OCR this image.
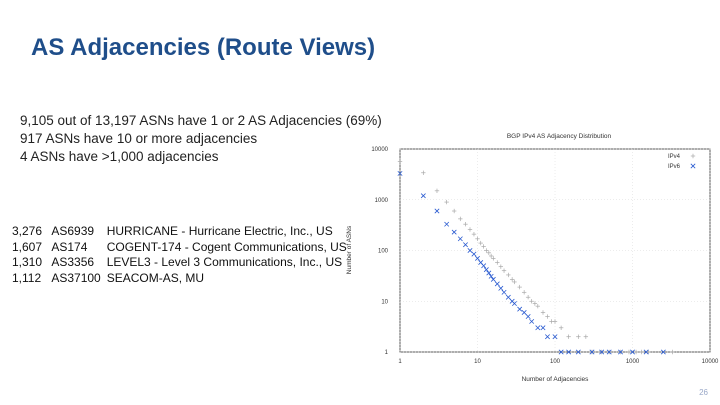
AS Adjacencies (Route Views)
9,105 out of 13,197 ASNs have 1 or 2 AS Adjacencies (69%)
917 ASNs have 10 or more adjacencies
4 ASNs have >1,000 adjacencies
3,276 AS6939 HURRICANE - Hurricane Electric, Inc., US
1,607 AS174 COGENT-174 - Cogent Communications, US
1,310 AS3356 LEVEL3 - Level 3 Communications, Inc., US
1,112 AS37100 SEACOM-AS, MU
BGP IPv4 AS Adjacency Distribution
1	10	100	1000	10000
1
10
100
1000
10000
IPv4
IPv6
Number of Adjacencies
Number of ASNs
26
